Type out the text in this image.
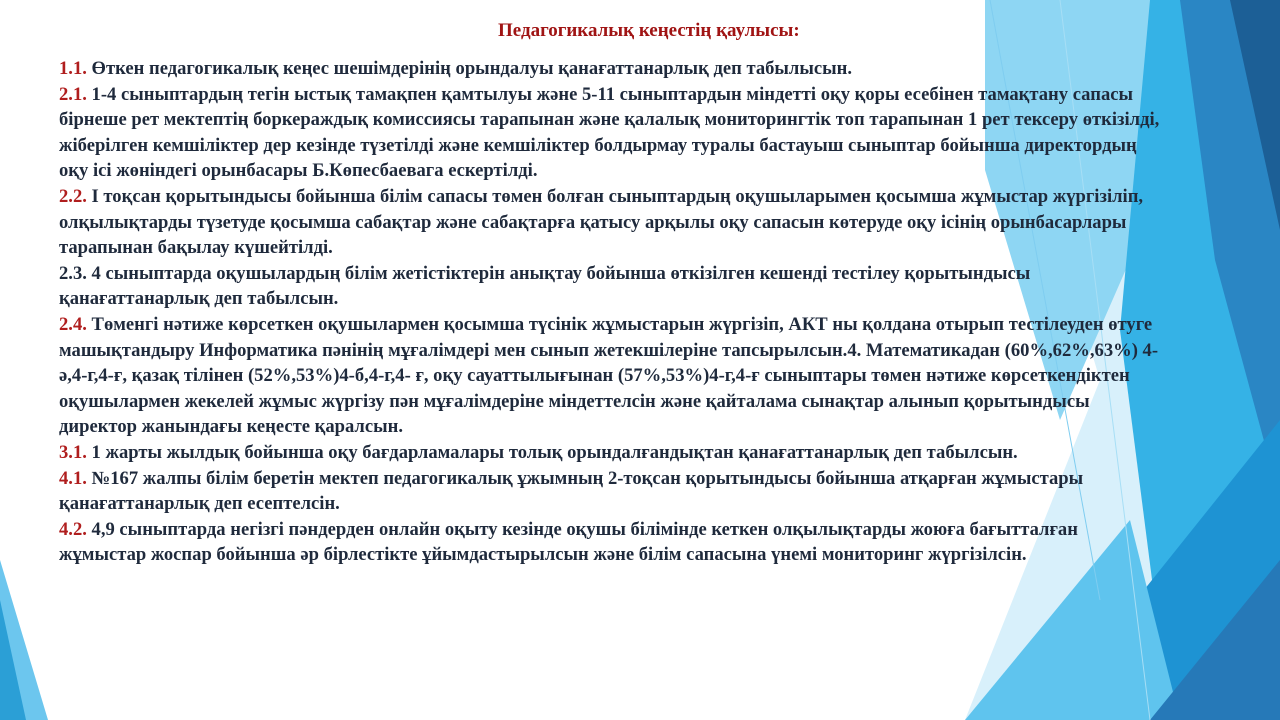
Педагогикалық кеңестің қаулысы:

1.1. Өткен педагогикалық кеңес шешімдерінің орындалуы қанағаттанарлық деп табылысын.

2.1. 1-4 сыныптардың тегін ыстық тамақпен қамтылуы және 5-11 сыныптардын міндетті оқу қоры есебінен тамақтану сапасы бірнеше рет мектептің боркераждық комиссиясы тарапынан және қалалық мониторингтік топ тарапынан 1 рет тексеру өткізілді, жіберілген кемшіліктер дер кезінде түзетілді және кемшіліктер болдырмау туралы бастауыш сыныптар бойынша директордың оқу ісі жөніндегі орынбасары Б.Көпесбаевага ескертілді.

2.2. I тоқсан қорытындысы бойынша білім сапасы төмен болған сыныптардың оқушыларымен қосымша жұмыстар жүргізіліп, олқылықтарды түзетуде қосымша сабақтар және сабақтарға қатысу арқылы оқу сапасын көтеруде оқу ісінің орынбасарлары тарапынан бақылау күшейтілді.

2.3. 4 сыныптарда оқушылардың білім жетістіктерін анықтау бойынша өткізілген кешенді тестілеу қорытындысы қанағаттанарлық деп табылсын.

2.4. Төменгі нәтиже көрсеткен оқушылармен қосымша түсінік жұмыстарын жүргізіп, АКТ ны қолдана отырып тестілеуден өтуге машықтандыру Информатика пәнінің мұғалімдері мен сынып жетекшілеріне тапсырылсын.4. Математикадан (60%,62%,63%) 4-ә,4-г,4-ғ, қазақ тілінен (52%,53%)4-б,4-г,4- ғ, оқу сауаттылығынан (57%,53%)4-г,4-ғ сыныптары төмен нәтиже көрсеткендіктен оқушылармен жекелей жұмыс жүргізу пән мұғалімдеріне міндеттелсін және қайталама сынақтар алынып қорытындысы директор жанындағы кеңесте қаралсын.

3.1. 1 жарты жылдық бойынша оқу бағдарламалары толық орындалғандықтан қанағаттанарлық деп табылсын.

4.1. №167 жалпы білім беретін мектеп педагогикалық ұжымның 2-тоқсан қорытындысы бойынша атқарған жұмыстары қанағаттанарлық деп есептелсін.

4.2. 4,9 сыныптарда негізгі пәндерден онлайн оқыту кезінде оқушы білімінде кеткен олқылықтарды жоюға бағытталған жұмыстар жоспар бойынша әр бірлестікте ұйымдастырылсын және білім сапасына үнемі мониторинг жүргізілсін.
